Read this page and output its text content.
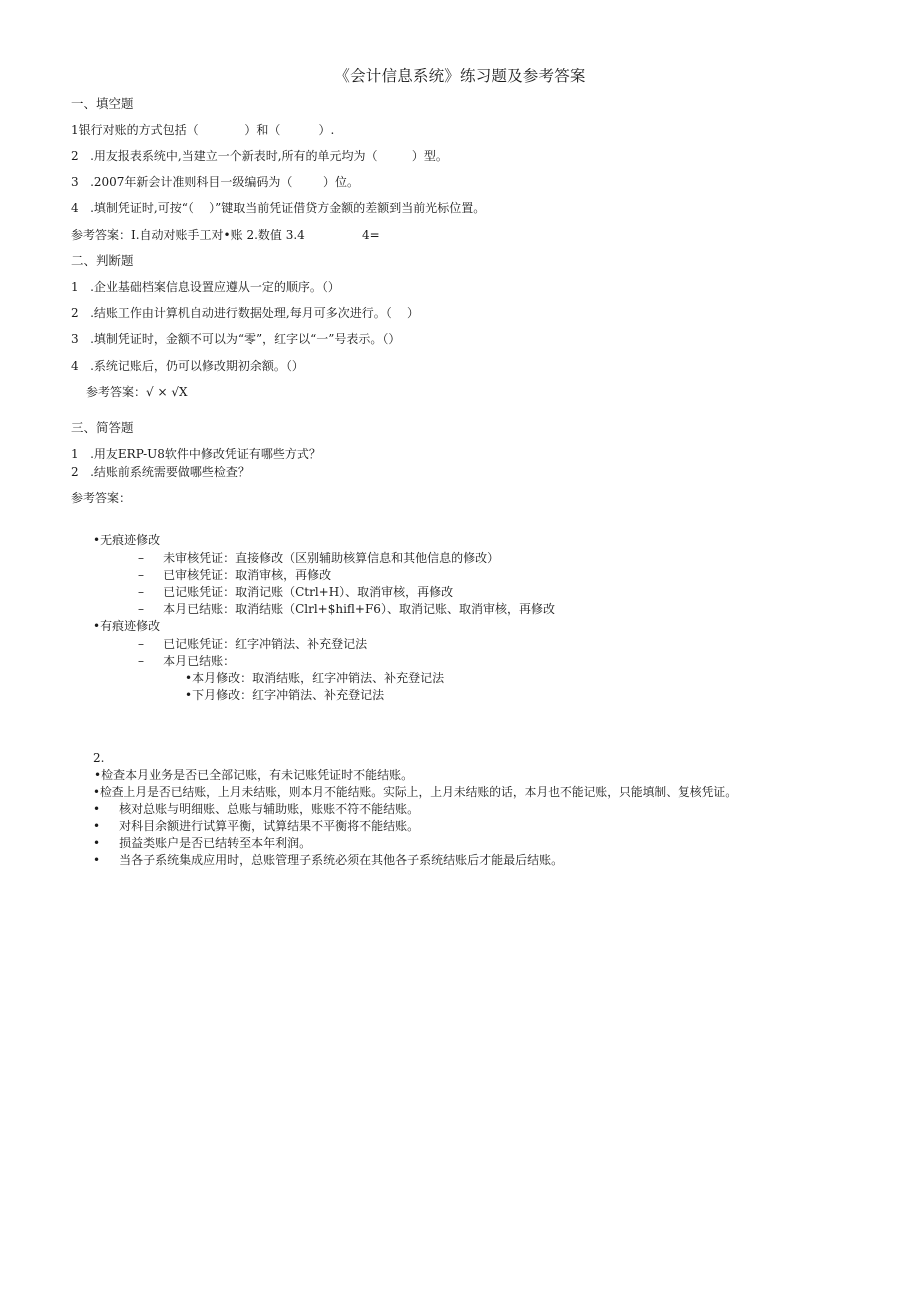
《会计信息系统》练习题及参考答案
一、填空题
1银行对账的方式包括（            ）和（          ）.
2   .用友报表系统中,当建立一个新表时,所有的单元均为（         ）型。
3   .2007年新会计准则科目一级编码为（        ）位。
4   .填制凭证时,可按“（    ）”键取当前凭证借贷方金额的差额到当前光标位置。
参考答案：Ⅰ.自动对账手工对•账 2.数值 3.4               4=
二、判断题
1   .企业基础档案信息设置应遵从一定的顺序。（）
2   .结账工作由计算机自动进行数据处理,每月可多次进行。（    ）
3   .填制凭证时，金额不可以为“零”，红字以“一”号表示。（）
4   .系统记账后，仍可以修改期初余额。（）
参考答案：√ × √X
三、简答题
1   .用友ERP-U8软件中修改凭证有哪些方式？
2   .结账前系统需要做哪些检查？
参考答案：
•无痕迹修改
–     未审核凭证：直接修改（区别辅助核算信息和其他信息的修改）
–     已审核凭证：取消审核，再修改
–     已记账凭证：取消记账（Ctrl+H）、取消审核，再修改
–     本月已结账：取消结账（Clrl+$hifl+F6）、取消记账、取消审核，再修改
•有痕迹修改
–     已记账凭证：红字冲销法、补充登记法
–     本月已结账：
•本月修改：取消结账，红字冲销法、补充登记法
•下月修改：红字冲销法、补充登记法
2.
•检查本月业务是否已全部记账，有未记账凭证时不能结账。
•检查上月是否已结账，上月未结账，则本月不能结账。实际上，上月未结账的话，本月也不能记账，只能填制、复核凭证。
•     核对总账与明细账、总账与辅助账，账账不符不能结账。
•     对科目余额进行试算平衡，试算结果不平衡将不能结账。
•     损益类账户是否已结转至本年利润。
•     当各子系统集成应用时，总账管理子系统必须在其他各子系统结账后才能最后结账。
